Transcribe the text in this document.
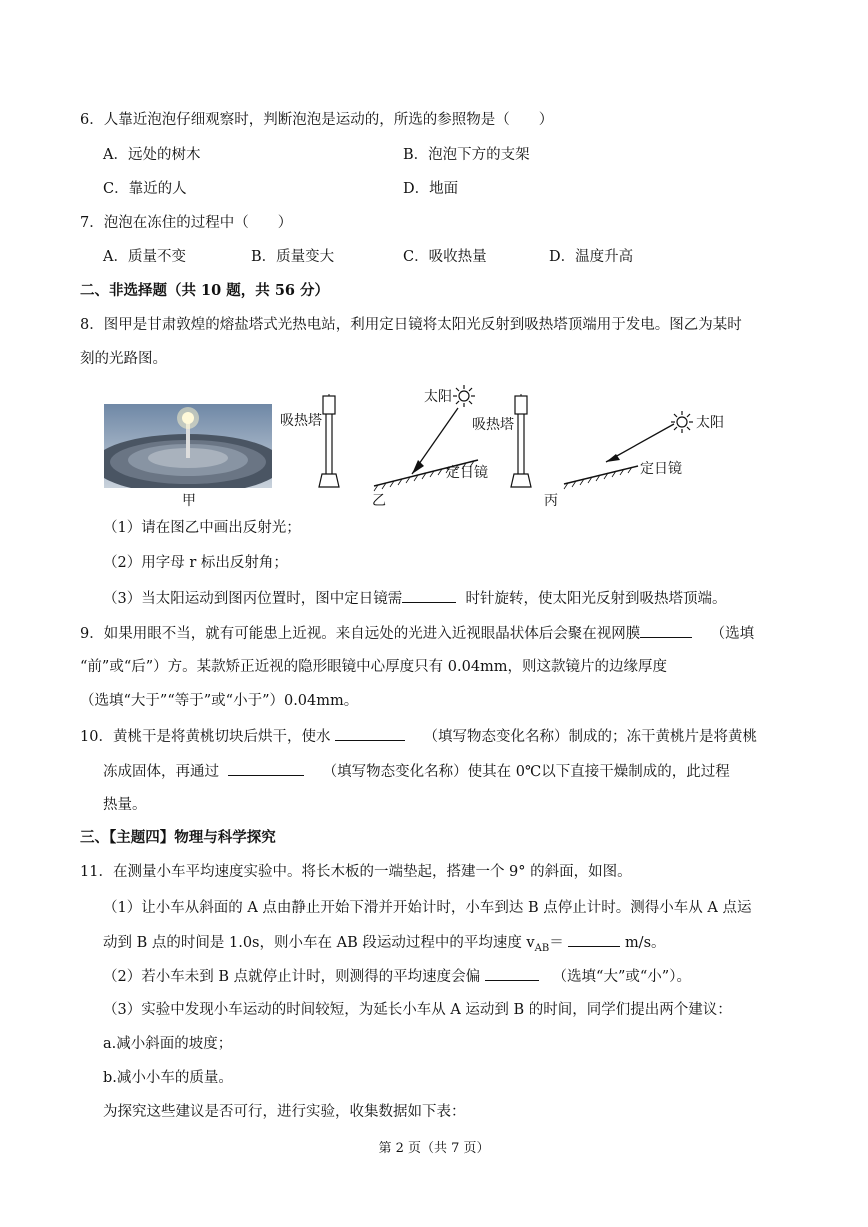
6．人靠近泡泡仔细观察时，判断泡泡是运动的，所选的参照物是（　　）
A．远处的树木	B．泡泡下方的支架
C．靠近的人	D．地面
7．泡泡在冻住的过程中（　　）
A．质量不变	B．质量变大	C．吸收热量	D．温度升高
二、非选择题（共 10 题，共 56 分）
8．图甲是甘肃敦煌的熔盐塔式光热电站，利用定日镜将太阳光反射到吸热塔顶端用于发电。图乙为某时
刻的光路图。
甲
吸热塔
太阳
定日镜
乙
吸热塔	太阳
定日镜
丙
（1）请在图乙中画出反射光；
（2）用字母 r 标出反射角；
（3）当太阳运动到图丙位置时，图中定日镜需	时针旋转，使太阳光反射到吸热塔顶端。
9．如果用眼不当，就有可能患上近视。来自远处的光进入近视眼晶状体后会聚在视网膜	（选填
“前”或“后”）方。某款矫正近视的隐形眼镜中心厚度只有 0.04mm，则这款镜片的边缘厚度
（选填“大于”“等于”或“小于”）0.04mm。
10．黄桃干是将黄桃切块后烘干，使水	（填写物态变化名称）制成的；冻干黄桃片是将黄桃
冻成固体，再通过	（填写物态变化名称）使其在 0℃以下直接干燥制成的，此过程
热量。
三、【主题四】物理与科学探究
11．在测量小车平均速度实验中。将长木板的一端垫起，搭建一个 9° 的斜面，如图。
（1）让小车从斜面的 A 点由静止开始下滑并开始计时，小车到达 B 点停止计时。测得小车从 A 点运
动到 B 点的时间是 1.0s，则小车在 AB 段运动过程中的平均速度 $v_{AB}=$	m/s。
（2）若小车未到 B 点就停止计时，则测得的平均速度会偏	（选填“大”或“小”）。
（3）实验中发现小车运动的时间较短，为延长小车从 A 运动到 B 的时间，同学们提出两个建议：
a.减小斜面的坡度；
b.减小小车的质量。
为探究这些建议是否可行，进行实验，收集数据如下表：
第 2 页（共 7 页）
